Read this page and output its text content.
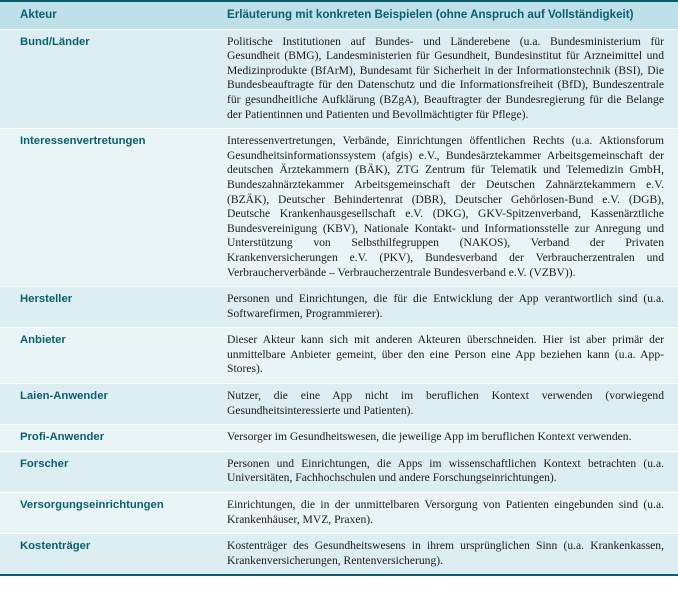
Akteur	Erläuterung mit konkreten Beispielen (ohne Anspruch auf Vollständigkeit)
Bund/Länder	Politische Institutionen auf Bundes- und Länderebene (u.a. Bundesministerium für Gesundheit (BMG), Landesministerien für Gesundheit, Bundesinstitut für Arzneimittel und Medizinprodukte (BfArM), Bundesamt für Sicherheit in der Informationstechnik (BSI), Die Bundesbeauftragte für den Datenschutz und die Informationsfreiheit (BfD), Bundeszentrale für gesundheitliche Aufklärung (BZgA), Beauftragter der Bundesregierung für die Belange der Patientinnen und Patienten und Bevollmächtigter für Pflege).
Interessenvertretungen	Interessenvertretungen, Verbände, Einrichtungen öffentlichen Rechts (u.a. Aktionsforum Gesundheitsinformationssystem (afgis) e.V., Bundesärztekammer Arbeitsgemeinschaft der deutschen Ärztekammern (BÄK), ZTG Zentrum für Telematik und Telemedizin GmbH, Bundeszahnärztekammer Arbeitsgemeinschaft der Deutschen Zahnärztekammern e.V. (BZÄK), Deutscher Behindertenrat (DBR), Deutscher Gehörlosen-Bund e.V. (DGB), Deutsche Krankenhausgesellschaft e.V. (DKG), GKV-Spitzenverband, Kassenärztliche Bundesvereinigung (KBV), Nationale Kontakt- und Informationsstelle zur Anregung und Unterstützung von Selbsthilfegruppen (NAKOS), Verband der Privaten Krankenversicherungen e.V. (PKV), Bundesverband der Verbraucherzentralen und Verbraucherverbände – Verbraucherzentrale Bundesverband e.V. (VZBV)).
Hersteller	Personen und Einrichtungen, die für die Entwicklung der App verantwortlich sind (u.a. Softwarefirmen, Programmierer).
Anbieter	Dieser Akteur kann sich mit anderen Akteuren überschneiden. Hier ist aber primär der unmittelbare Anbieter gemeint, über den eine Person eine App beziehen kann (u.a. App-Stores).
Laien-Anwender	Nutzer, die eine App nicht im beruflichen Kontext verwenden (vorwiegend Gesundheitsinteressierte und Patienten).
Profi-Anwender	Versorger im Gesundheitswesen, die jeweilige App im beruflichen Kontext verwenden.
Forscher	Personen und Einrichtungen, die Apps im wissenschaftlichen Kontext betrachten (u.a. Universitäten, Fachhochschulen und andere Forschungseinrichtungen).
Versorgungseinrichtungen	Einrichtungen, die in der unmittelbaren Versorgung von Patienten eingebunden sind (u.a. Krankenhäuser, MVZ, Praxen).
Kostenträger	Kostenträger des Gesundheitswesens in ihrem ursprünglichen Sinn (u.a. Krankenkassen, Krankenversicherungen, Rentenversicherung).
